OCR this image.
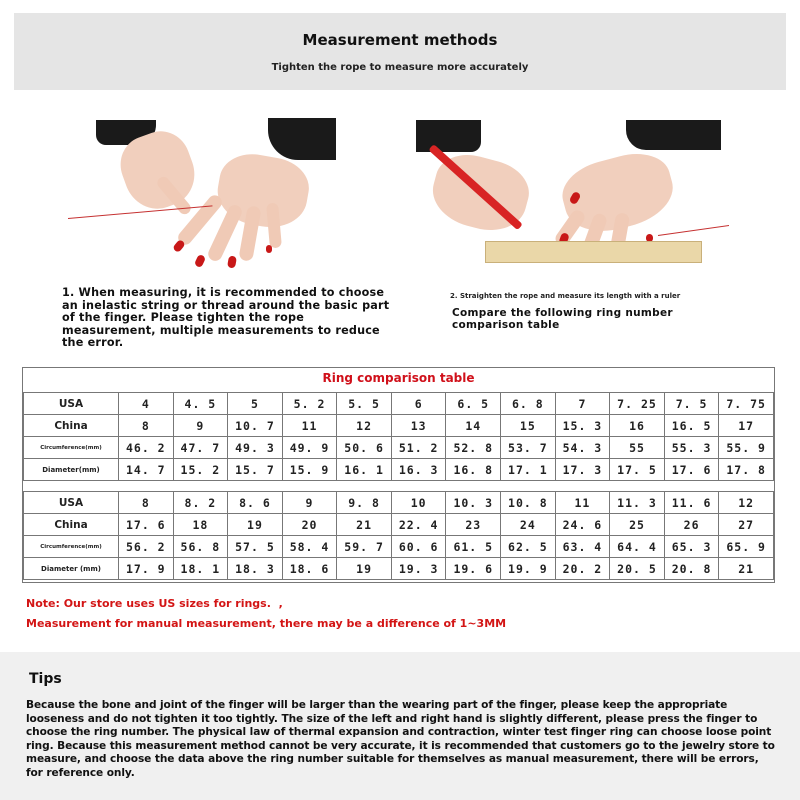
Measurement methods
Tighten the rope to measure more accurately
1. When measuring, it is recommended to choose an inelastic string or thread around the basic part of the finger. Please tighten the rope measurement, multiple measurements to reduce the error.
2. Straighten the rope and measure its length with a ruler
Compare the following ring number comparison table
Ring comparison table
USA	4	4. 5	5	5. 2	5. 5	6	6. 5	6. 8	7	7. 25	7. 5	7. 75
China	8	9	10. 7	11	12	13	14	15	15. 3	16	16. 5	17
Circumference(mm)	46. 2	47. 7	49. 3	49. 9	50. 6	51. 2	52. 8	53. 7	54. 3	55	55. 3	55. 9
Diameter(mm)	14. 7	15. 2	15. 7	15. 9	16. 1	16. 3	16. 8	17. 1	17. 3	17. 5	17. 6	17. 8
USA	8	8. 2	8. 6	9	9. 8	10	10. 3	10. 8	11	11. 3	11. 6	12
China	17. 6	18	19	20	21	22. 4	23	24	24. 6	25	26	27
Circumference(mm)	56. 2	56. 8	57. 5	58. 4	59. 7	60. 6	61. 5	62. 5	63. 4	64. 4	65. 3	65. 9
Diameter (mm)	17. 9	18. 1	18. 3	18. 6	19	19. 3	19. 6	19. 9	20. 2	20. 5	20. 8	21
Note: Our store uses US sizes for rings.  ,
Measurement for manual measurement, there may be a difference of 1~3MM
Tips

Because the bone and joint of the finger will be larger than the wearing part of the finger, please keep the appropriate looseness and do not tighten it too tightly. The size of the left and right hand is slightly different, please press the finger to choose the ring number. The physical law of thermal expansion and contraction, winter test finger ring can choose loose point ring. Because this measurement method cannot be very accurate, it is recommended that customers go to the jewelry store to measure, and choose the data above the ring number suitable for themselves as manual measurement, there will be errors, for reference only.
